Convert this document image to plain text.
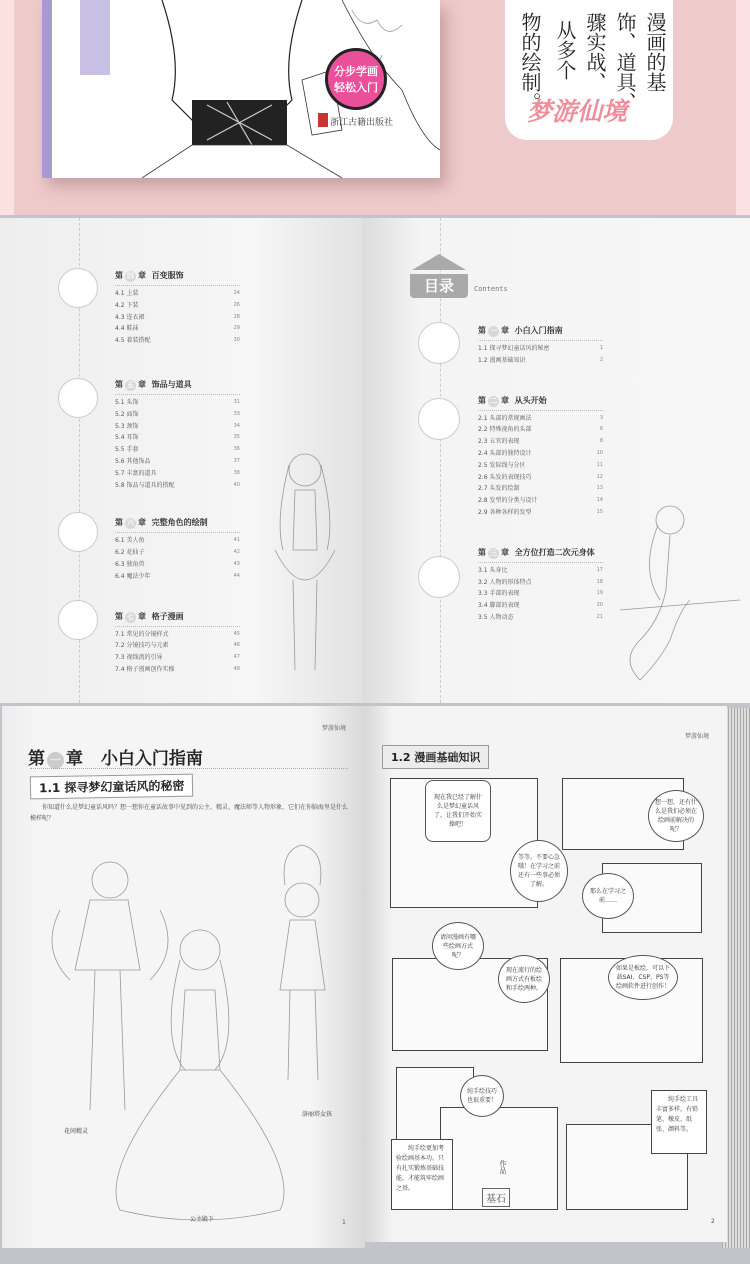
分步学画
轻松入门
浙江古籍出版社
漫画的基
饰、道具、
骤实战、
从多个
物的绘制。
梦游仙境
第 四 章 百变服饰
4.1 上装	24
4.2 下装	26
4.3 连衣裙	28
4.4 鞋袜	29
4.5 着装搭配	30
第 五 章 饰品与道具
5.1 头饰	31
5.2 面饰	33
5.3 颈饰	34
5.4 耳饰	35
5.5 手套	36
5.6 其他饰品	37
5.7 丰富的道具	38
5.8 饰品与道具的搭配	40
第 六 章 完整角色的绘制
6.1 美人鱼	41
6.2 花仙子	42
6.3 独角兽	43
6.4 魔法少年	44
第 七 章 格子漫画
7.1 常见的分镜样式	45
7.2 分镜技巧与元素	46
7.3 视线流的引导	47
7.4 格子漫画创作实操	48
第 一 章 小白入门指南
1.1 探寻梦幻童话风的秘密	1
1.2 漫画基础知识	2
第 二 章 从头开始
2.1 头部的常规画法	3
2.2 特殊视角的头部	6
2.3 五官的表现	8
2.4 头部的独特设计	10
2.5 发际线与分区	11
2.6 头发的表现技巧	12
2.7 头发的绘制	13
2.8 发型的分类与设计	14
2.9 各种各样的发型	15
第 三 章 全方位打造二次元身体
3.1 头身比	17
3.2 人物的形体特点	18
3.3 手部的表现	19
3.4 脚部的表现	20
3.5 人物动态	21
目录	Contents
梦游仙境
第 一 章 小白入门指南
1.1 探寻梦幻童话风的秘密
你知道什么是梦幻童话风吗？想一想你在童话故事中见到的公主、精灵、魔法师等人物形象，它们在你脑海里是什么模样呢？
花间精灵
公主殿下
洛丽塔女孩
1
梦游仙境
1.2 漫画基础知识
现在我已经了解什么是梦幻童话风了，让我们开始实操吧！
等等，不要心急哦！在学习之前还有一些事必须了解。
想一想，还有什么是我们必须在绘画前解决的呢？
那么在学习之前……
请问漫画有哪些绘画方式呢？
现在流行的绘画方式有板绘和手绘两种。
如果是板绘，可以下载SAI、CSP、PS等绘画软件进行创作！
纯手绘技巧也很重要！
纯手绘更加考验绘画基本功。只有扎实锻炼基础技能，才能筑牢绘画之基。
纯手绘工具丰富多样，有铅笔、橡皮、纸张、颜料等。
作品
基石
2
